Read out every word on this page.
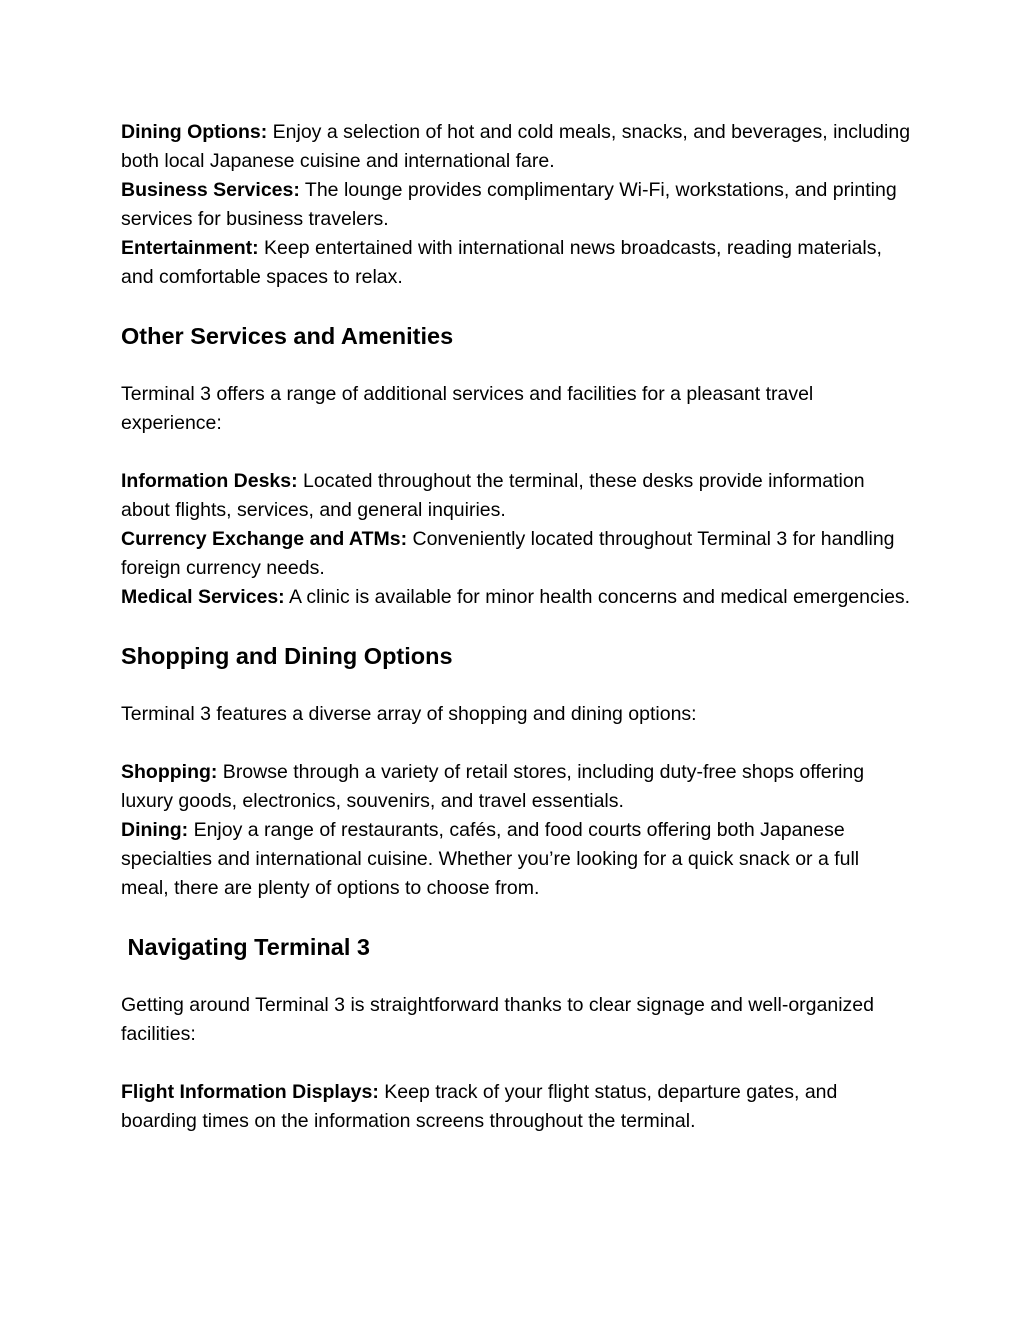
Dining Options: Enjoy a selection of hot and cold meals, snacks, and beverages, including both local Japanese cuisine and international fare.

Business Services: The lounge provides complimentary Wi-Fi, workstations, and printing services for business travelers.

Entertainment: Keep entertained with international news broadcasts, reading materials, and comfortable spaces to relax.

Other Services and Amenities

Terminal 3 offers a range of additional services and facilities for a pleasant travel experience:

Information Desks: Located throughout the terminal, these desks provide information about flights, services, and general inquiries.

Currency Exchange and ATMs: Conveniently located throughout Terminal 3 for handling foreign currency needs.

Medical Services: A clinic is available for minor health concerns and medical emergencies.

Shopping and Dining Options

Terminal 3 features a diverse array of shopping and dining options:

Shopping: Browse through a variety of retail stores, including duty-free shops offering luxury goods, electronics, souvenirs, and travel essentials.

Dining: Enjoy a range of restaurants, cafés, and food courts offering both Japanese specialties and international cuisine. Whether you’re looking for a quick snack or a full meal, there are plenty of options to choose from.

Navigating Terminal 3

Getting around Terminal 3 is straightforward thanks to clear signage and well-organized facilities:

Flight Information Displays: Keep track of your flight status, departure gates, and boarding times on the information screens throughout the terminal.
